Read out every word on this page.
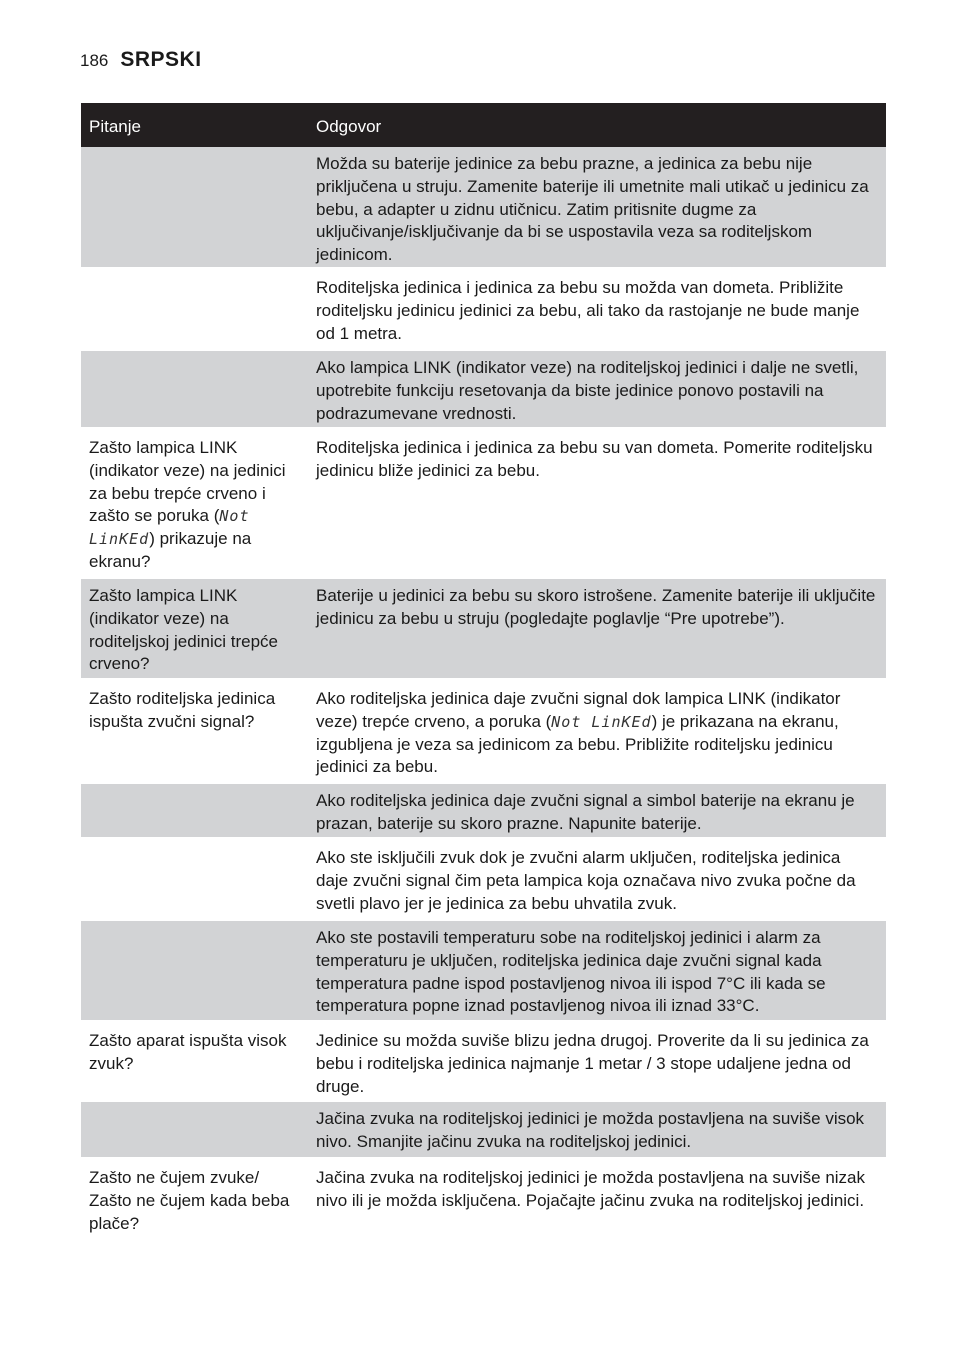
186 SRPSKI
Pitanje	Odgovor
Možda su baterije jedinice za bebu prazne, a jedinica za bebu nije priključena u struju. Zamenite baterije ili umetnite mali utikač u jedinicu za bebu, a adapter u zidnu utičnicu. Zatim pritisnite dugme za uključivanje/isključivanje da bi se uspostavila veza sa roditeljskom jedinicom.
Roditeljska jedinica i jedinica za bebu su možda van dometa. Približite roditeljsku jedinicu jedinici za bebu, ali tako da rastojanje ne bude manje od 1 metra.
Ako lampica LINK (indikator veze) na roditeljskoj jedinici i dalje ne svetli, upotrebite funkciju resetovanja da biste jedinice ponovo postavili na podrazumevane vrednosti.
Zašto lampica LINK (indikator veze) na jedinici za bebu trepće crveno i zašto se poruka (Not LinKEd) prikazuje na ekranu?
Roditeljska jedinica i jedinica za bebu su van dometa. Pomerite roditeljsku jedinicu bliže jedinici za bebu.
Zašto lampica LINK (indikator veze) na roditeljskoj jedinici trepće crveno?
Baterije u jedinici za bebu su skoro istrošene. Zamenite baterije ili uključite jedinicu za bebu u struju (pogledajte poglavlje “Pre upotrebe”).
Zašto roditeljska jedinica ispušta zvučni signal?
Ako roditeljska jedinica daje zvučni signal dok lampica LINK (indikator veze) trepće crveno, a poruka (Not LinKEd) je prikazana na ekranu, izgubljena je veza sa jedinicom za bebu. Približite roditeljsku jedinicu jedinici za bebu.
Ako roditeljska jedinica daje zvučni signal a simbol baterije na ekranu je prazan, baterije su skoro prazne. Napunite baterije.
Ako ste isključili zvuk dok je zvučni alarm uključen, roditeljska jedinica daje zvučni signal čim peta lampica koja označava nivo zvuka počne da svetli plavo jer je jedinica za bebu uhvatila zvuk.
Ako ste postavili temperaturu sobe na roditeljskoj jedinici i alarm za temperaturu je uključen, roditeljska jedinica daje zvučni signal kada temperatura padne ispod postavljenog nivoa ili ispod 7°C ili kada se temperatura popne iznad postavljenog nivoa ili iznad 33°C.
Zašto aparat ispušta visok zvuk?
Jedinice su možda suviše blizu jedna drugoj. Proverite da li su jedinica za bebu i roditeljska jedinica najmanje 1 metar / 3 stope udaljene jedna od druge.
Jačina zvuka na roditeljskoj jedinici je možda postavljena na suviše visok nivo. Smanjite jačinu zvuka na roditeljskoj jedinici.
Zašto ne čujem zvuke/ Zašto ne čujem kada beba plače?
Jačina zvuka na roditeljskoj jedinici je možda postavljena na suviše nizak nivo ili je možda isključena. Pojačajte jačinu zvuka na roditeljskoj jedinici.
